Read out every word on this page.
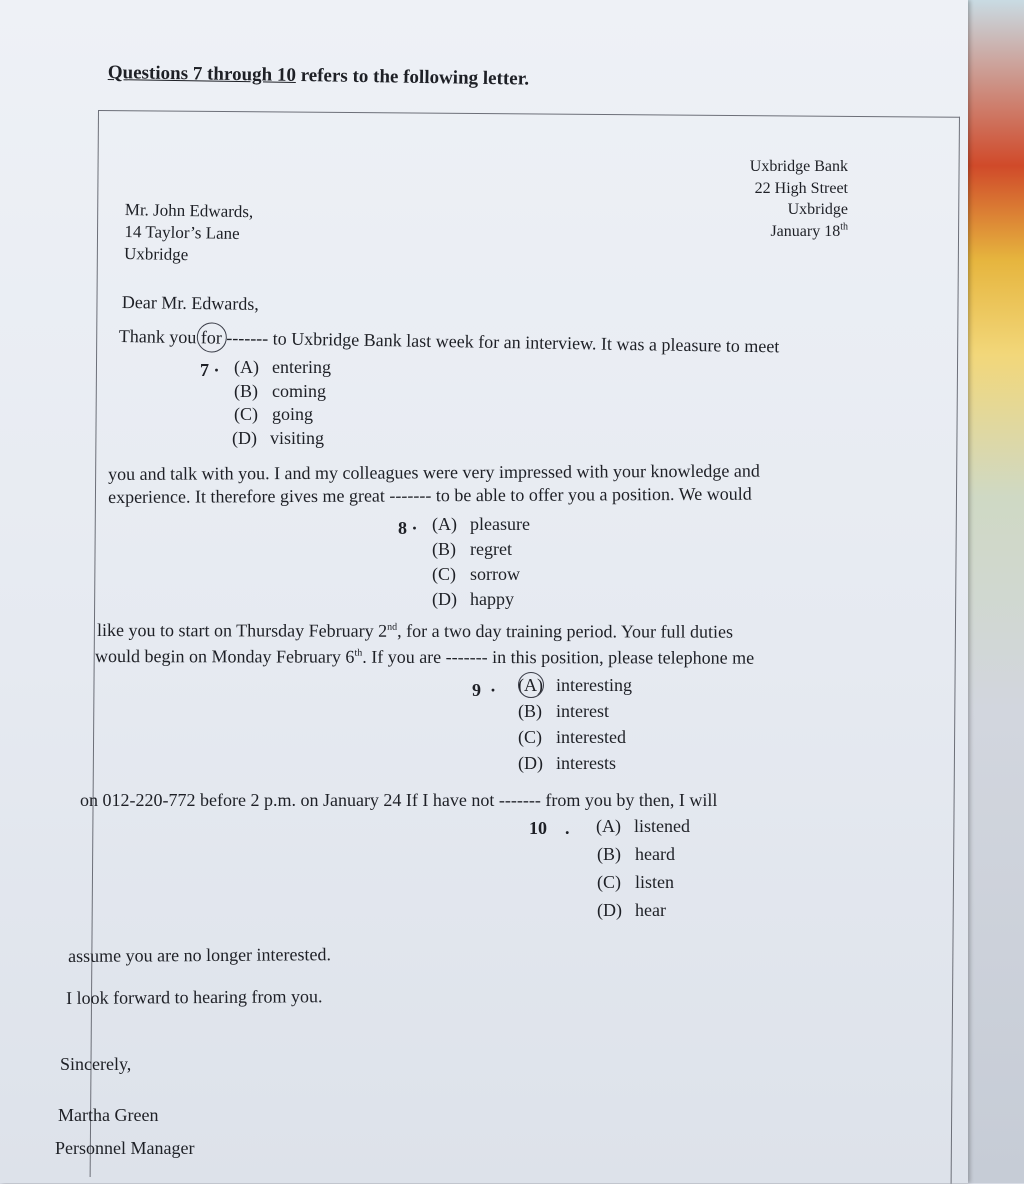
Questions 7 through 10 refers to the following letter.
Uxbridge Bank
22 High Street
Uxbridge
January 18th
Mr. John Edwards,
14 Taylor’s Lane
Uxbridge
Dear Mr. Edwards,
Thank you for
------- to Uxbridge Bank last week for an interview. It was a pleasure to meet
7 · (A) entering
(B) coming
(C) going
(D) visiting
you and talk with you. I and my colleagues were very impressed with your knowledge and
experience. It therefore gives me great ------- to be able to offer you a position. We would
8 · (A) pleasure
(B) regret
(C) sorrow
(D) happy
like you to start on Thursday February 2nd, for a two day training period. Your full duties
would begin on Monday February 6th. If you are ------- in this position, please telephone me
9  · (A) interesting
(B) interest
(C) interested
(D) interests
on 012-220-772 before 2 p.m. on January 24 If I have not ------- from you by then, I will
10    . (A) listened
(B) heard
(C) listen
(D) hear
assume you are no longer interested.
I look forward to hearing from you.
Sincerely,
Martha Green
Personnel Manager
